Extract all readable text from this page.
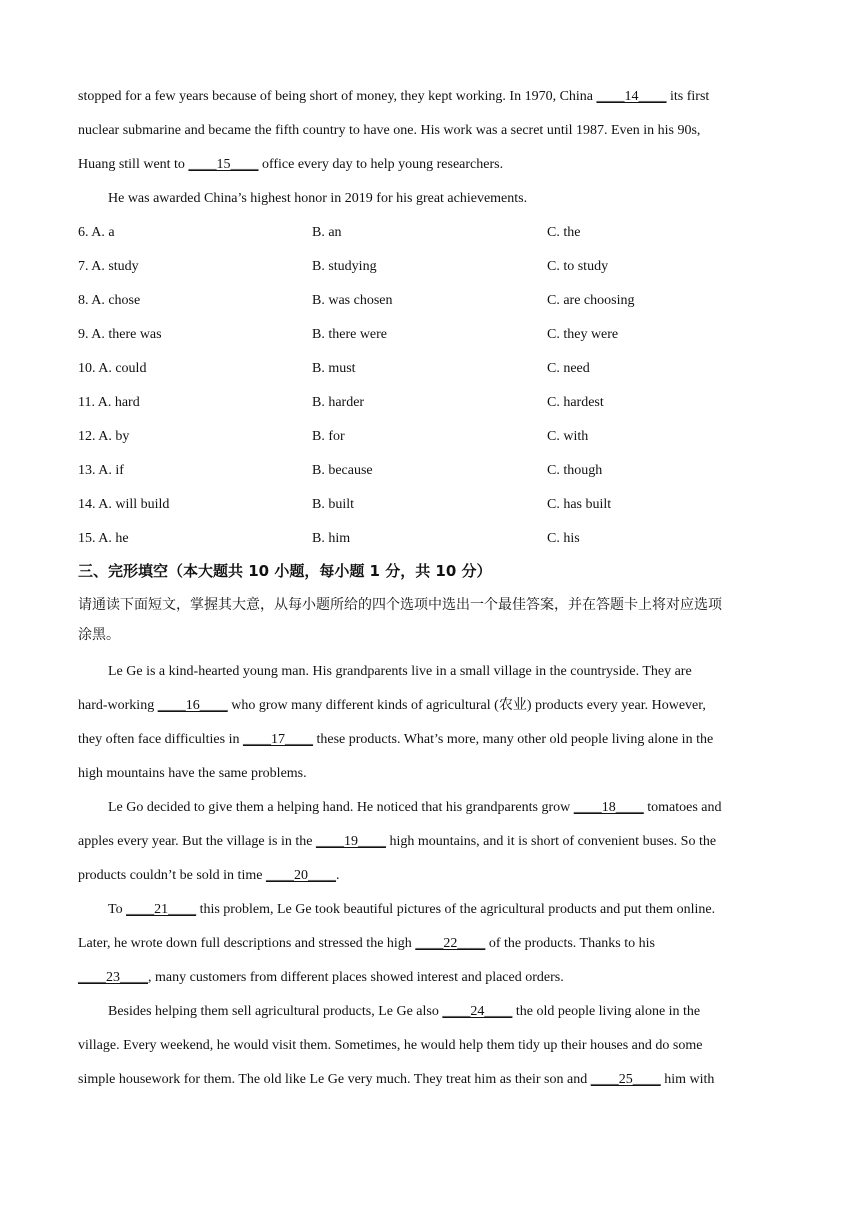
stopped for a few years because of being short of money, they kept working. In 1970, China ____14____ its first
nuclear submarine and became the fifth country to have one. His work was a secret until 1987. Even in his 90s,
Huang still went to ____15____ office every day to help young researchers.
He was awarded China’s highest honor in 2019 for his great achievements.
6. A. a	B. an	C. the
7. A. study	B. studying	C. to study
8. A. chose	B. was chosen	C. are choosing
9. A. there was	B. there were	C. they were
10. A. could	B. must	C. need
11. A. hard	B. harder	C. hardest
12. A. by	B. for	C. with
13. A. if	B. because	C. though
14. A. will build	B. built	C. has built
15. A. he	B. him	C. his
三、完形填空（本大题共 10 小题，每小题 1 分，共 10 分）
请通读下面短文，掌握其大意，从每小题所给的四个选项中选出一个最佳答案，并在答题卡上将对应选项
涂黑。
Le Ge is a kind-hearted young man. His grandparents live in a small village in the countryside. They are
hard-working ____16____ who grow many different kinds of agricultural (农业) products every year. However,
they often face difficulties in ____17____ these products. What’s more, many other old people living alone in the
high mountains have the same problems.
Le Go decided to give them a helping hand. He noticed that his grandparents grow ____18____ tomatoes and
apples every year. But the village is in the ____19____ high mountains, and it is short of convenient buses. So the
products couldn’t be sold in time ____20____.
To ____21____ this problem, Le Ge took beautiful pictures of the agricultural products and put them online.
Later, he wrote down full descriptions and stressed the high ____22____ of the products. Thanks to his
____23____, many customers from different places showed interest and placed orders.
Besides helping them sell agricultural products, Le Ge also ____24____ the old people living alone in the
village. Every weekend, he would visit them. Sometimes, he would help them tidy up their houses and do some
simple housework for them. The old like Le Ge very much. They treat him as their son and ____25____ him with
